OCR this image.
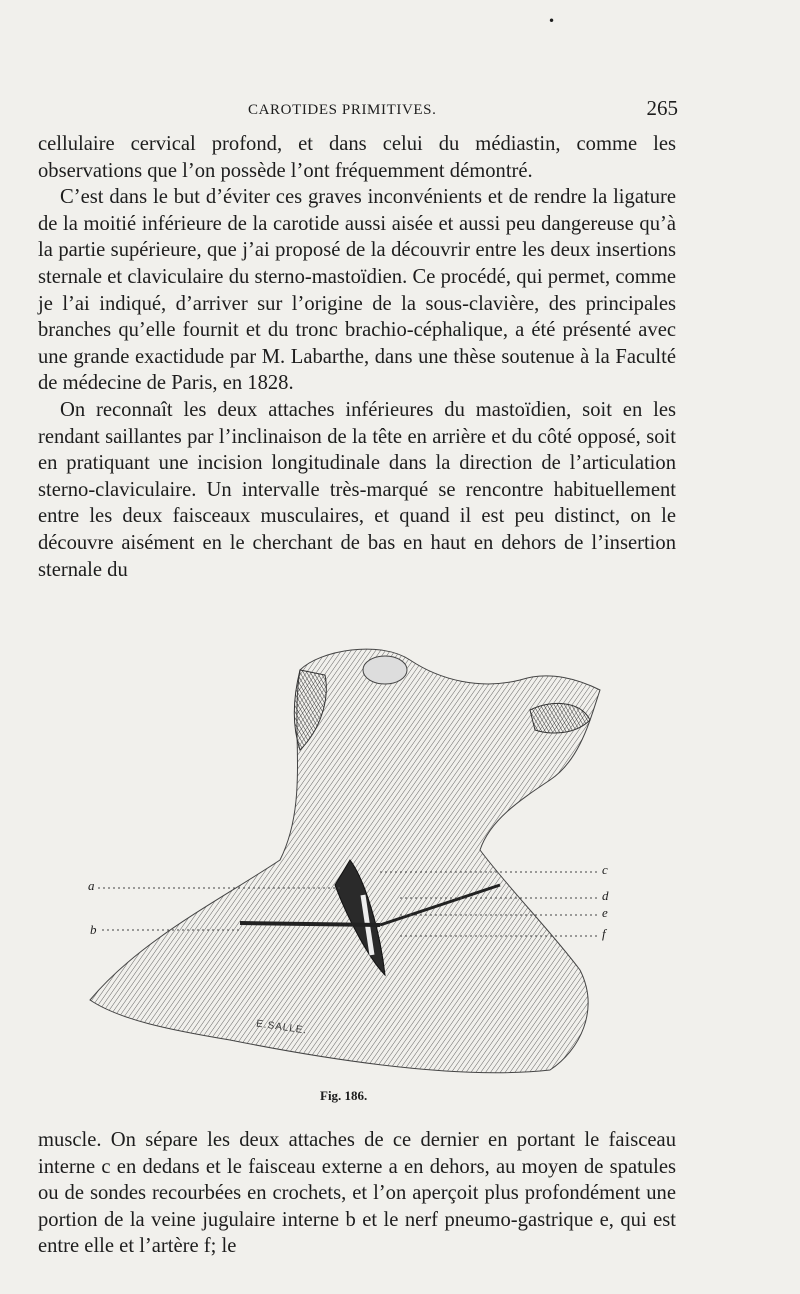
•
CAROTIDES PRIMITIVES.	265

cellulaire cervical profond, et dans celui du médiastin, comme les observations que l’on possède l’ont fréquemment démontré.

C’est dans le but d’éviter ces graves inconvénients et de rendre la ligature de la moitié inférieure de la carotide aussi aisée et aussi peu dangereuse qu’à la partie supérieure, que j’ai proposé de la découvrir entre les deux insertions sternale et claviculaire du sterno-mastoïdien. Ce procédé, qui permet, comme je l’ai indiqué, d’arriver sur l’origine de la sous-clavière, des principales branches qu’elle fournit et du tronc brachio-céphalique, a été présenté avec une grande exactidude par M. Labarthe, dans une thèse soutenue à la Faculté de médecine de Paris, en 1828.

On reconnaît les deux attaches inférieures du mastoïdien, soit en les rendant saillantes par l’inclinaison de la tête en arrière et du côté opposé, soit en pratiquant une incision longitudinale dans la direction de l’articulation sterno-claviculaire. Un intervalle très-marqué se rencontre habituellement entre les deux faisceaux musculaires, et quand il est peu distinct, on le découvre aisément en le cherchant de bas en haut en dehors de l’insertion sternale du

a
b
c
d
e
f
E.SALLE.
Fig. 186.

muscle. On sépare les deux attaches de ce dernier en portant le faisceau interne c en dedans et le faisceau externe a en dehors, au moyen de spatules ou de sondes recourbées en crochets, et l’on aperçoit plus profondément une portion de la veine jugulaire interne b et le nerf pneumo-gastrique e, qui est entre elle et l’artère f; le
